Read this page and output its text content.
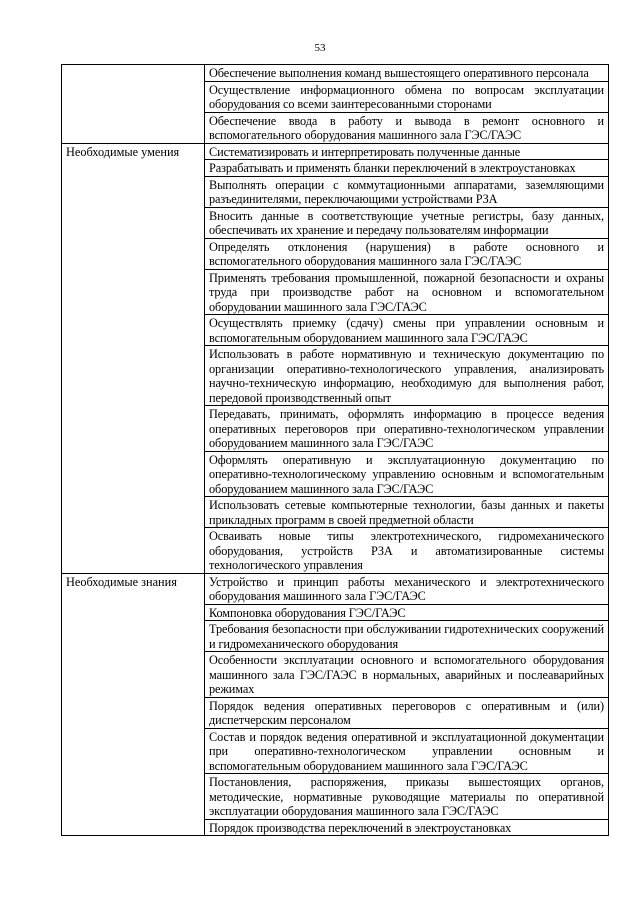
53
	Обеспечение выполнения команд вышестоящего оперативного персонала
	Осуществление информационного обмена по вопросам эксплуатации оборудования со всеми заинтересованными сторонами
	Обеспечение ввода в работу и вывода в ремонт основного и вспомогательного оборудования машинного зала ГЭС/ГАЭС
Необходимые умения	Систематизировать и интерпретировать полученные данные
	Разрабатывать и применять бланки переключений в электроустановках
	Выполнять операции с коммутационными аппаратами, заземляющими разъединителями, переключающими устройствами РЗА
	Вносить данные в соответствующие учетные регистры, базу данных, обеспечивать их хранение и передачу пользователям информации
	Определять отклонения (нарушения) в работе основного и вспомогательного оборудования машинного зала ГЭС/ГАЭС
	Применять требования промышленной, пожарной безопасности и охраны труда при производстве работ на основном и вспомогательном оборудовании машинного зала ГЭС/ГАЭС
	Осуществлять приемку (сдачу) смены при управлении основным и вспомогательным оборудованием машинного зала ГЭС/ГАЭС
	Использовать в работе нормативную и техническую документацию по организации оперативно-технологического управления, анализировать научно-техническую информацию, необходимую для выполнения работ, передовой производственный опыт
	Передавать, принимать, оформлять информацию в процессе ведения оперативных переговоров при оперативно-технологическом управлении оборудованием машинного зала ГЭС/ГАЭС
	Оформлять оперативную и эксплуатационную документацию по оперативно-технологическому управлению основным и вспомогательным оборудованием машинного зала ГЭС/ГАЭС
	Использовать сетевые компьютерные технологии, базы данных и пакеты прикладных программ в своей предметной области
	Осваивать новые типы электротехнического, гидромеханического оборудования, устройств РЗА и автоматизированные системы технологического управления
Необходимые знания	Устройство и принцип работы механического и электротехнического оборудования машинного зала ГЭС/ГАЭС
	Компоновка оборудования ГЭС/ГАЭС
	Требования безопасности при обслуживании гидротехнических сооружений и гидромеханического оборудования
	Особенности эксплуатации основного и вспомогательного оборудования машинного зала ГЭС/ГАЭС в нормальных, аварийных и послеаварийных режимах
	Порядок ведения оперативных переговоров с оперативным и (или) диспетчерским персоналом
	Состав и порядок ведения оперативной и эксплуатационной документации при оперативно-технологическом управлении основным и вспомогательным оборудованием машинного зала ГЭС/ГАЭС
	Постановления, распоряжения, приказы вышестоящих органов, методические, нормативные руководящие материалы по оперативной эксплуатации оборудования машинного зала ГЭС/ГАЭС
	Порядок производства переключений в электроустановках
